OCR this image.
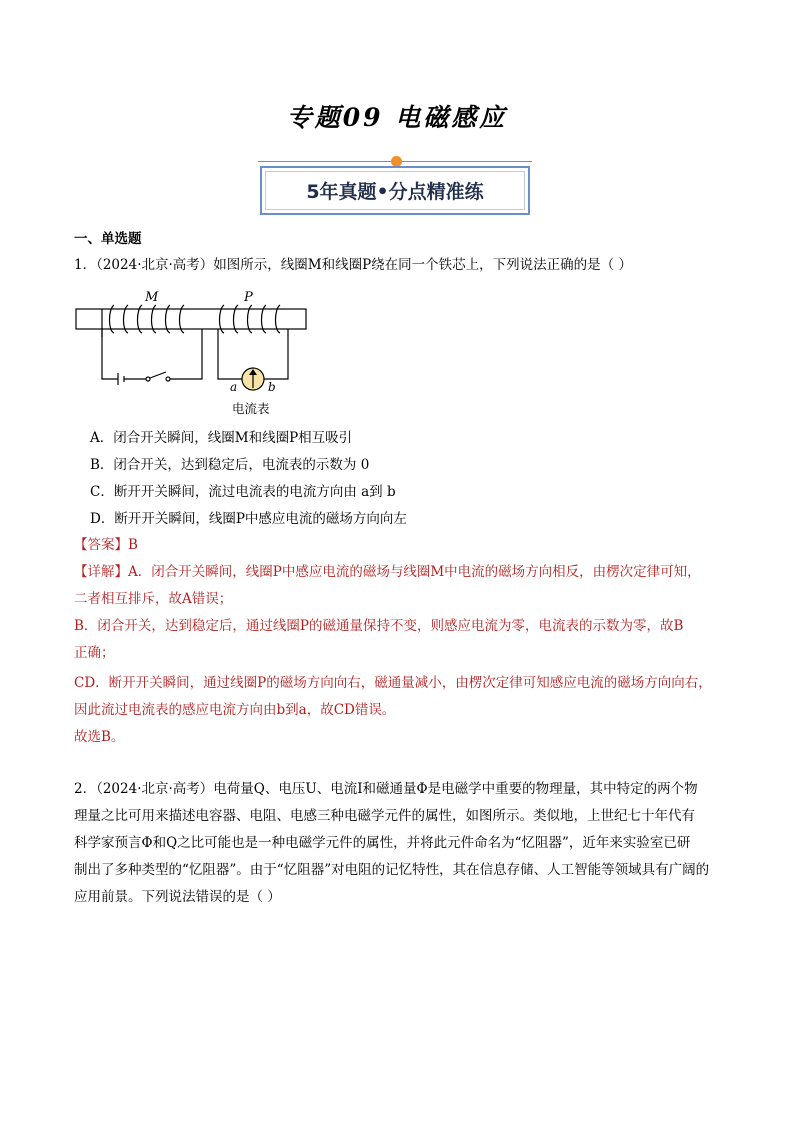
专题09 电磁感应
5年真题•分点精准练
一、单选题
1．（2024·北京·高考）如图所示，线圈M和线圈P绕在同一个铁芯上，下列说法正确的是（ ）
M	P
a	b
电流表
A．闭合开关瞬间，线圈M和线圈P相互吸引
B．闭合开关，达到稳定后，电流表的示数为 0
C．断开开关瞬间，流过电流表的电流方向由 a到 b
D．断开开关瞬间，线圈P中感应电流的磁场方向向左
【答案】B
【详解】A．闭合开关瞬间，线圈P中感应电流的磁场与线圈M中电流的磁场方向相反，由楞次定律可知，
二者相互排斥，故A错误；
B．闭合开关，达到稳定后，通过线圈P的磁通量保持不变，则感应电流为零，电流表的示数为零，故B
正确；
CD．断开开关瞬间，通过线圈P的磁场方向向右，磁通量减小，由楞次定律可知感应电流的磁场方向向右，
因此流过电流表的感应电流方向由b到a，故CD错误。
故选B。
2．（2024·北京·高考）电荷量Q、电压U、电流I和磁通量Φ是电磁学中重要的物理量，其中特定的两个物
理量之比可用来描述电容器、电阻、电感三种电磁学元件的属性，如图所示。类似地，上世纪七十年代有
科学家预言Φ和Q之比可能也是一种电磁学元件的属性，并将此元件命名为“忆阻器”，近年来实验室已研
制出了多种类型的“忆阻器”。由于“忆阻器”对电阻的记忆特性，其在信息存储、人工智能等领域具有广阔的
应用前景。下列说法错误的是（ ）
